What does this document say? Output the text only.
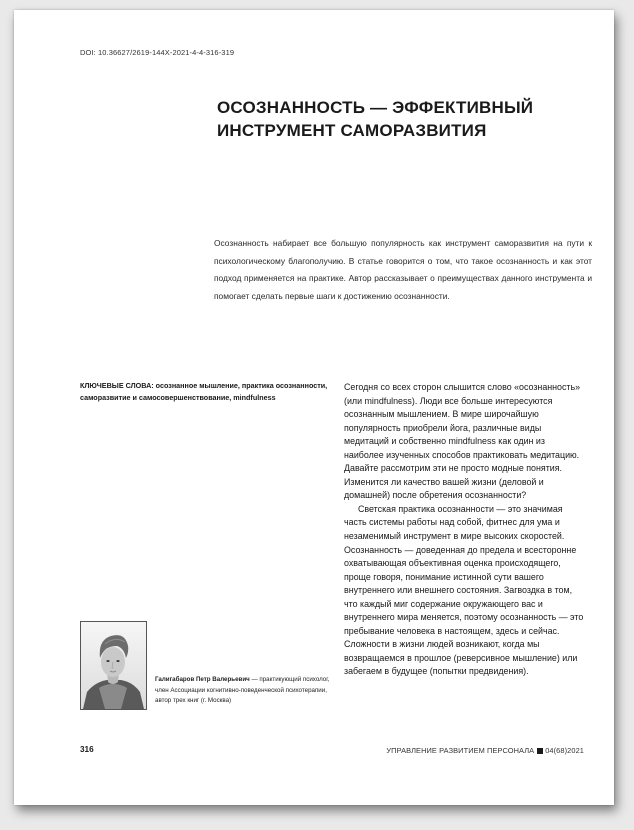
DOI: 10.36627/2619-144X-2021-4-4-316-319
ОСОЗНАННОСТЬ — ЭФФЕКТИВНЫЙ
ИНСТРУМЕНТ САМОРАЗВИТИЯ
Осознанность набирает все большую популярность как инструмент саморазвития на пути к психологическому благополучию. В статье говорится о том, что такое осознанность и как этот подход применяется на практике. Автор рассказывает о преимуществах данного инструмента и помогает сделать первые шаги к достижению осознанности.
КЛЮЧЕВЫЕ СЛОВА: осознанное мышление, практика осознанности, саморазвитие и самосовершенствование, mindfulness

Сегодня со всех сторон слышится слово «осознанность» (или mindfulness). Люди все больше интересуются осознанным мышлением. В мире широчайшую популярность приобрели йога, различные виды медитаций и собственно mindfulness как один из наиболее изученных способов практиковать медитацию. Давайте рассмотрим эти не просто модные понятия. Изменится ли качество вашей жизни (деловой и домашней) после обретения осознанности?

Светская практика осознанности — это значимая часть системы работы над собой, фитнес для ума и незаменимый инструмент в мире высоких скоростей. Осознанность — доведенная до предела и всесторонне охватывающая объективная оценка происходящего, проще говоря, понимание истинной сути вашего внутреннего или внешнего состояния. Загвоздка в том, что каждый миг содержание окружающего вас и внутреннего мира меняется, поэтому осознанность — это пребывание человека в настоящем, здесь и сейчас. Сложности в жизни людей возникают, когда мы возвращаемся в прошлое (реверсивное мышление) или забегаем в будущее (попытки предвидения).

Галигабаров Петр Валерьевич — практикующий психолог, член Ассоциации когнитивно-поведенческой психотерапии, автор трех книг (г. Москва)
316	УПРАВЛЕНИЕ РАЗВИТИЕМ ПЕРСОНАЛА 04(68)2021
